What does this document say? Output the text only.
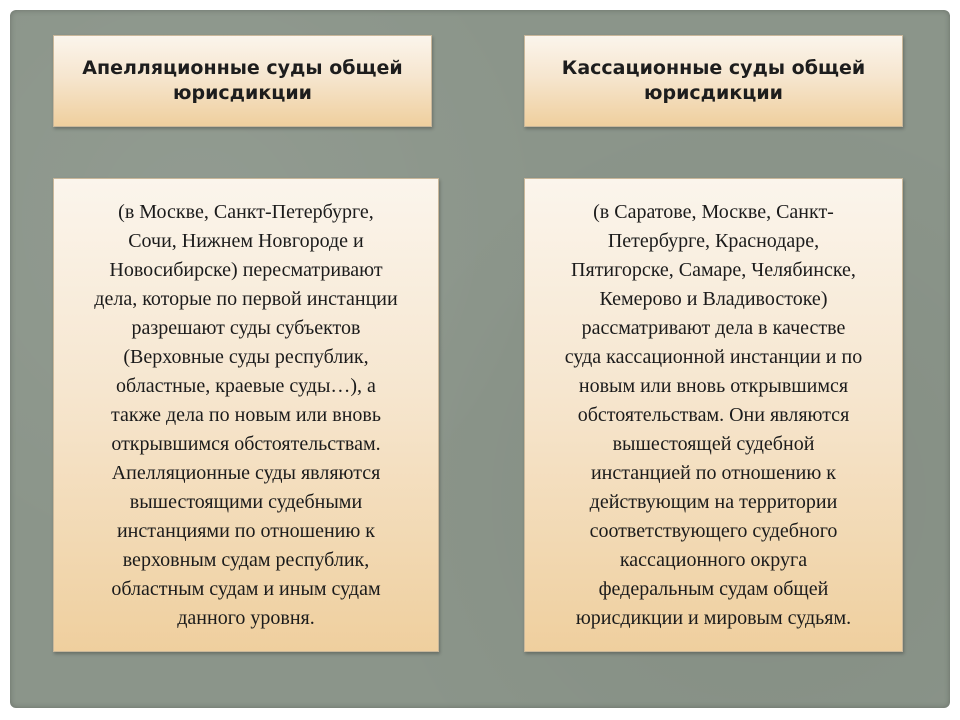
Апелляционные суды общей юрисдикции
Кассационные суды общей юрисдикции
(в Москве, Санкт-Петербурге,
Сочи, Нижнем Новгороде и
Новосибирске) пересматривают
дела, которые по первой инстанции
разрешают суды субъектов
(Верховные суды республик,
областные, краевые суды…), а
также дела по новым или вновь
открывшимся обстоятельствам.
Апелляционные суды являются
вышестоящими судебными
инстанциями по отношению к
верховным судам республик,
областным судам и иным судам
данного уровня.
(в Саратове, Москве, Санкт-
Петербурге, Краснодаре,
Пятигорске, Самаре, Челябинске,
Кемерово и Владивостоке)
рассматривают дела в качестве
суда кассационной инстанции и по
новым или вновь открывшимся
обстоятельствам. Они являются
вышестоящей судебной
инстанцией по отношению к
действующим на территории
соответствующего судебного
кассационного округа
федеральным судам общей
юрисдикции и мировым судьям.
